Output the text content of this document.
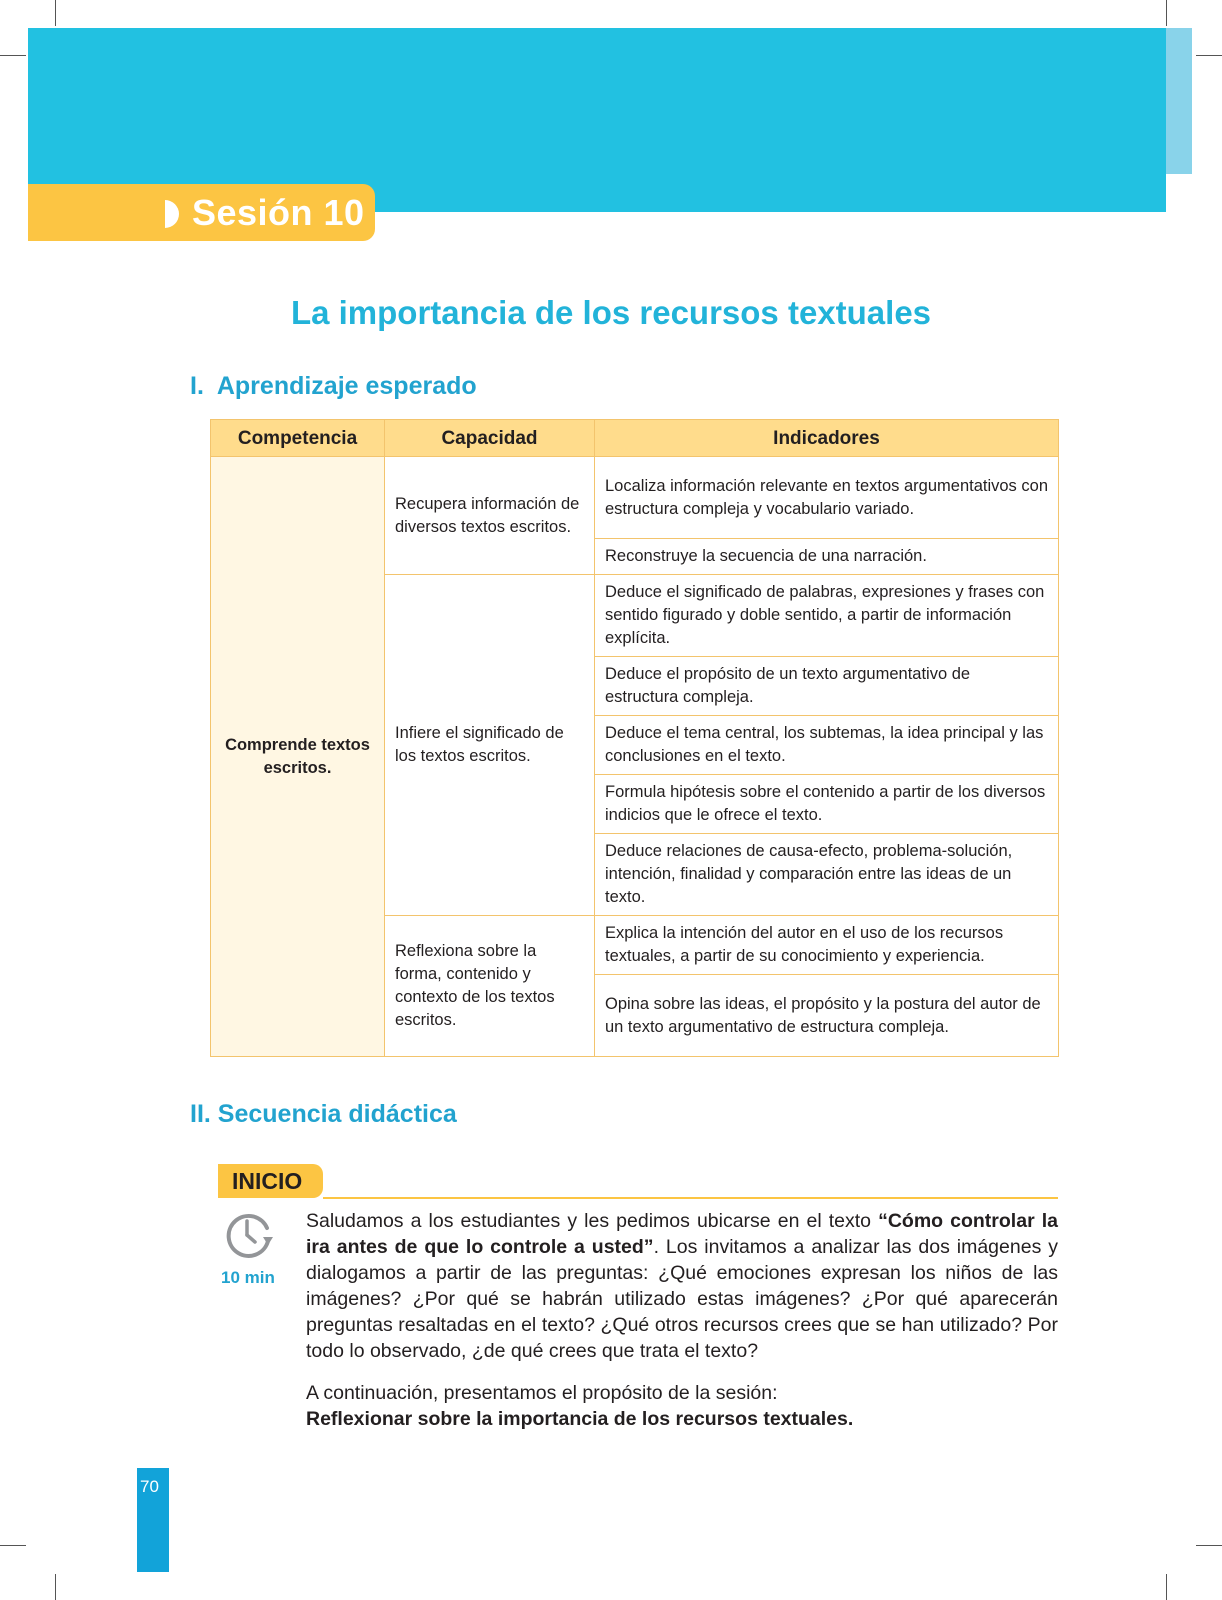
Sesión 10
La importancia de los recursos textuales
I.  Aprendizaje esperado
Competencia	Capacidad	Indicadores
Comprende textos escritos.	Recupera información de diversos textos escritos.	Localiza información relevante en textos argumentativos con estructura compleja y vocabulario variado.
		Reconstruye la secuencia de una narración.
	Infiere el significado de los textos escritos.	Deduce el significado de palabras, expresiones y frases con sentido figurado y doble sentido, a partir de información explícita.
		Deduce el propósito de un texto argumentativo de estructura compleja.
		Deduce el tema central, los subtemas, la idea principal y las conclusiones en el texto.
		Formula hipótesis sobre el contenido a partir de los diversos indicios que le ofrece el texto.
		Deduce relaciones de causa-efecto, problema-solución, intención, finalidad y comparación entre las ideas de un texto.
	Reflexiona sobre la forma, contenido y contexto de los textos escritos.	Explica la intención del autor en el uso de los recursos textuales, a partir de su conocimiento y experiencia.
		Opina sobre las ideas, el propósito y la postura del autor de un texto argumentativo de estructura compleja.
II. Secuencia didáctica
INICIO
10 min
Saludamos a los estudiantes y les pedimos ubicarse en el texto “Cómo controlar la ira antes de que lo controle a usted”. Los invitamos a analizar las dos imágenes y dialogamos a partir de las preguntas: ¿Qué emociones expresan los niños de las imágenes? ¿Por qué se habrán utilizado estas imágenes? ¿Por qué aparecerán preguntas resaltadas en el texto? ¿Qué otros recursos crees que se han utilizado? Por todo lo observado, ¿de qué crees que trata el texto?
A continuación, presentamos el propósito de la sesión:
Reflexionar sobre la importancia de los recursos textuales.
70
